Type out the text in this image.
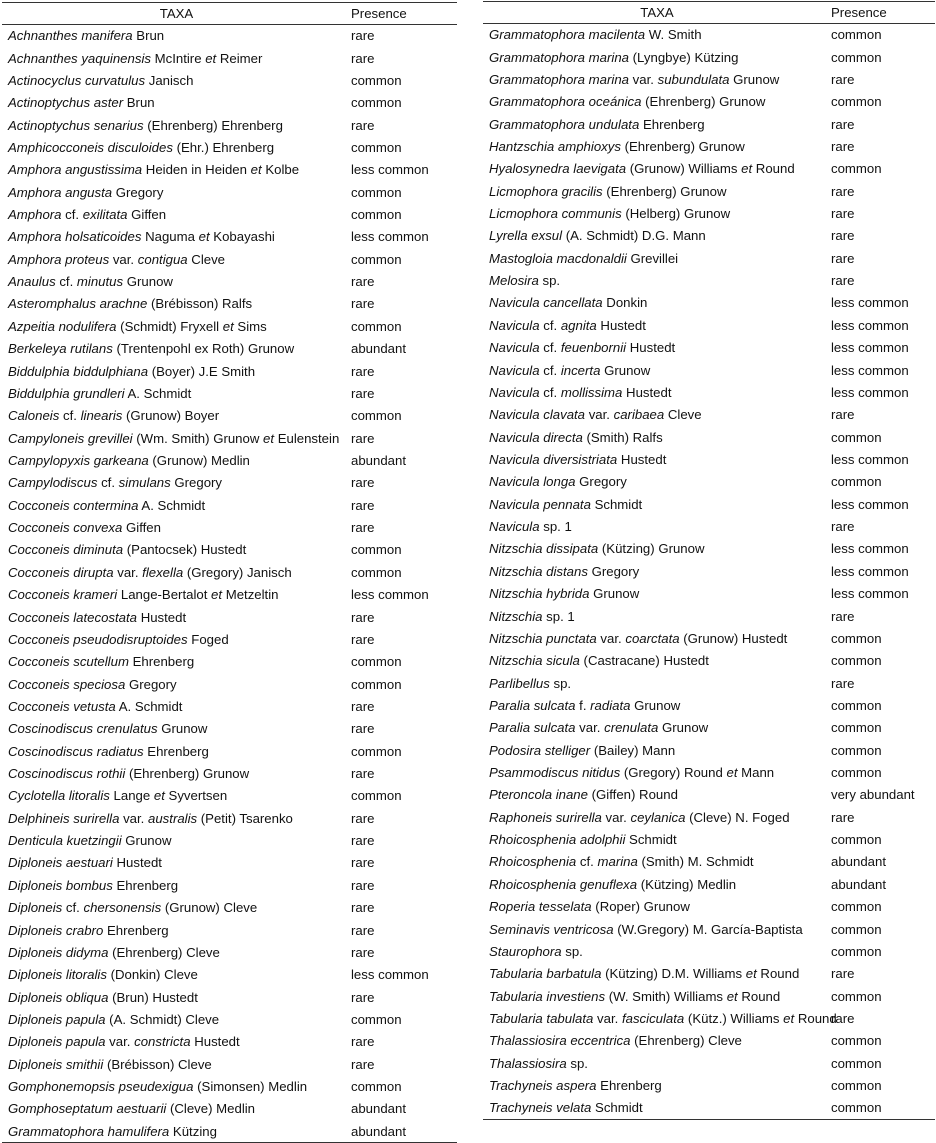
TAXA	Presence
Achnanthes manifera Brun	rare
Achnanthes yaquinensis McIntire et Reimer	rare
Actinocyclus curvatulus Janisch	common
Actinoptychus aster Brun	common
Actinoptychus senarius (Ehrenberg) Ehrenberg	rare
Amphicocconeis disculoides (Ehr.) Ehrenberg	common
Amphora angustissima Heiden in Heiden et Kolbe	less common
Amphora angusta Gregory	common
Amphora cf. exilitata Giffen	common
Amphora holsaticoides Naguma et Kobayashi	less common
Amphora proteus var. contigua Cleve	common
Anaulus cf. minutus Grunow	rare
Asteromphalus arachne (Brébisson) Ralfs	rare
Azpeitia nodulifera (Schmidt) Fryxell et Sims	common
Berkeleya rutilans (Trentenpohl ex Roth) Grunow	abundant
Biddulphia biddulphiana (Boyer) J.E Smith	rare
Biddulphia grundleri A. Schmidt	rare
Caloneis cf. linearis (Grunow) Boyer	common
Campyloneis grevillei (Wm. Smith) Grunow et Eulenstein	rare
Campylopyxis garkeana (Grunow) Medlin	abundant
Campylodiscus cf. simulans Gregory	rare
Cocconeis contermina A. Schmidt	rare
Cocconeis convexa Giffen	rare
Cocconeis diminuta (Pantocsek) Hustedt	common
Cocconeis dirupta var. flexella (Gregory) Janisch	common
Cocconeis krameri Lange-Bertalot et Metzeltin	less common
Cocconeis latecostata Hustedt	rare
Cocconeis pseudodisruptoides Foged	rare
Cocconeis scutellum Ehrenberg	common
Cocconeis speciosa Gregory	common
Cocconeis vetusta A. Schmidt	rare
Coscinodiscus crenulatus Grunow	rare
Coscinodiscus radiatus Ehrenberg	common
Coscinodiscus rothii (Ehrenberg) Grunow	rare
Cyclotella litoralis Lange et Syvertsen	common
Delphineis surirella var. australis (Petit) Tsarenko	rare
Denticula kuetzingii Grunow	rare
Diploneis aestuari Hustedt	rare
Diploneis bombus Ehrenberg	rare
Diploneis cf. chersonensis (Grunow) Cleve	rare
Diploneis crabro Ehrenberg	rare
Diploneis didyma (Ehrenberg) Cleve	rare
Diploneis litoralis (Donkin) Cleve	less common
Diploneis obliqua (Brun) Hustedt	rare
Diploneis papula (A. Schmidt) Cleve	common
Diploneis papula var. constricta Hustedt	rare
Diploneis smithii (Brébisson) Cleve	rare
Gomphonemopsis pseudexigua (Simonsen) Medlin	common
Gomphoseptatum aestuarii (Cleve) Medlin	abundant
Grammatophora hamulifera Kützing	abundant
TAXA	Presence
Grammatophora macilenta W. Smith	common
Grammatophora marina (Lyngbye) Kützing	common
Grammatophora marina var. subundulata Grunow	rare
Grammatophora oceánica (Ehrenberg) Grunow	common
Grammatophora undulata Ehrenberg	rare
Hantzschia amphioxys (Ehrenberg) Grunow	rare
Hyalosynedra laevigata (Grunow) Williams et Round	common
Licmophora gracilis (Ehrenberg) Grunow	rare
Licmophora communis (Helberg) Grunow	rare
Lyrella exsul (A. Schmidt) D.G. Mann	rare
Mastogloia macdonaldii Grevillei	rare
Melosira sp.	rare
Navicula cancellata Donkin	less common
Navicula cf. agnita Hustedt	less common
Navicula cf. feuenbornii Hustedt	less common
Navicula cf. incerta Grunow	less common
Navicula cf. mollissima Hustedt	less common
Navicula clavata var. caribaea Cleve	rare
Navicula directa (Smith) Ralfs	common
Navicula diversistriata Hustedt	less common
Navicula longa Gregory	common
Navicula pennata Schmidt	less common
Navicula sp. 1	rare
Nitzschia dissipata (Kützing) Grunow	less common
Nitzschia distans Gregory	less common
Nitzschia hybrida Grunow	less common
Nitzschia sp. 1	rare
Nitzschia punctata var. coarctata (Grunow) Hustedt	common
Nitzschia sicula (Castracane) Hustedt	common
Parlibellus sp.	rare
Paralia sulcata f. radiata Grunow	common
Paralia sulcata var. crenulata Grunow	common
Podosira stelliger (Bailey) Mann	common
Psammodiscus nitidus (Gregory) Round et Mann	common
Pteroncola inane (Giffen) Round	very abundant
Raphoneis surirella var. ceylanica (Cleve) N. Foged	rare
Rhoicosphenia adolphii Schmidt	common
Rhoicosphenia cf. marina (Smith) M. Schmidt	abundant
Rhoicosphenia genuflexa (Kützing) Medlin	abundant
Roperia tesselata (Roper) Grunow	common
Seminavis ventricosa (W.Gregory) M. García-Baptista	common
Staurophora sp.	common
Tabularia barbatula (Kützing) D.M. Williams et Round	rare
Tabularia investiens (W. Smith) Williams et Round	common
Tabularia tabulata var. fasciculata (Kütz.) Williams et Round	rare
Thalassiosira eccentrica (Ehrenberg) Cleve	common
Thalassiosira sp.	common
Trachyneis aspera Ehrenberg	common
Trachyneis velata Schmidt	common
